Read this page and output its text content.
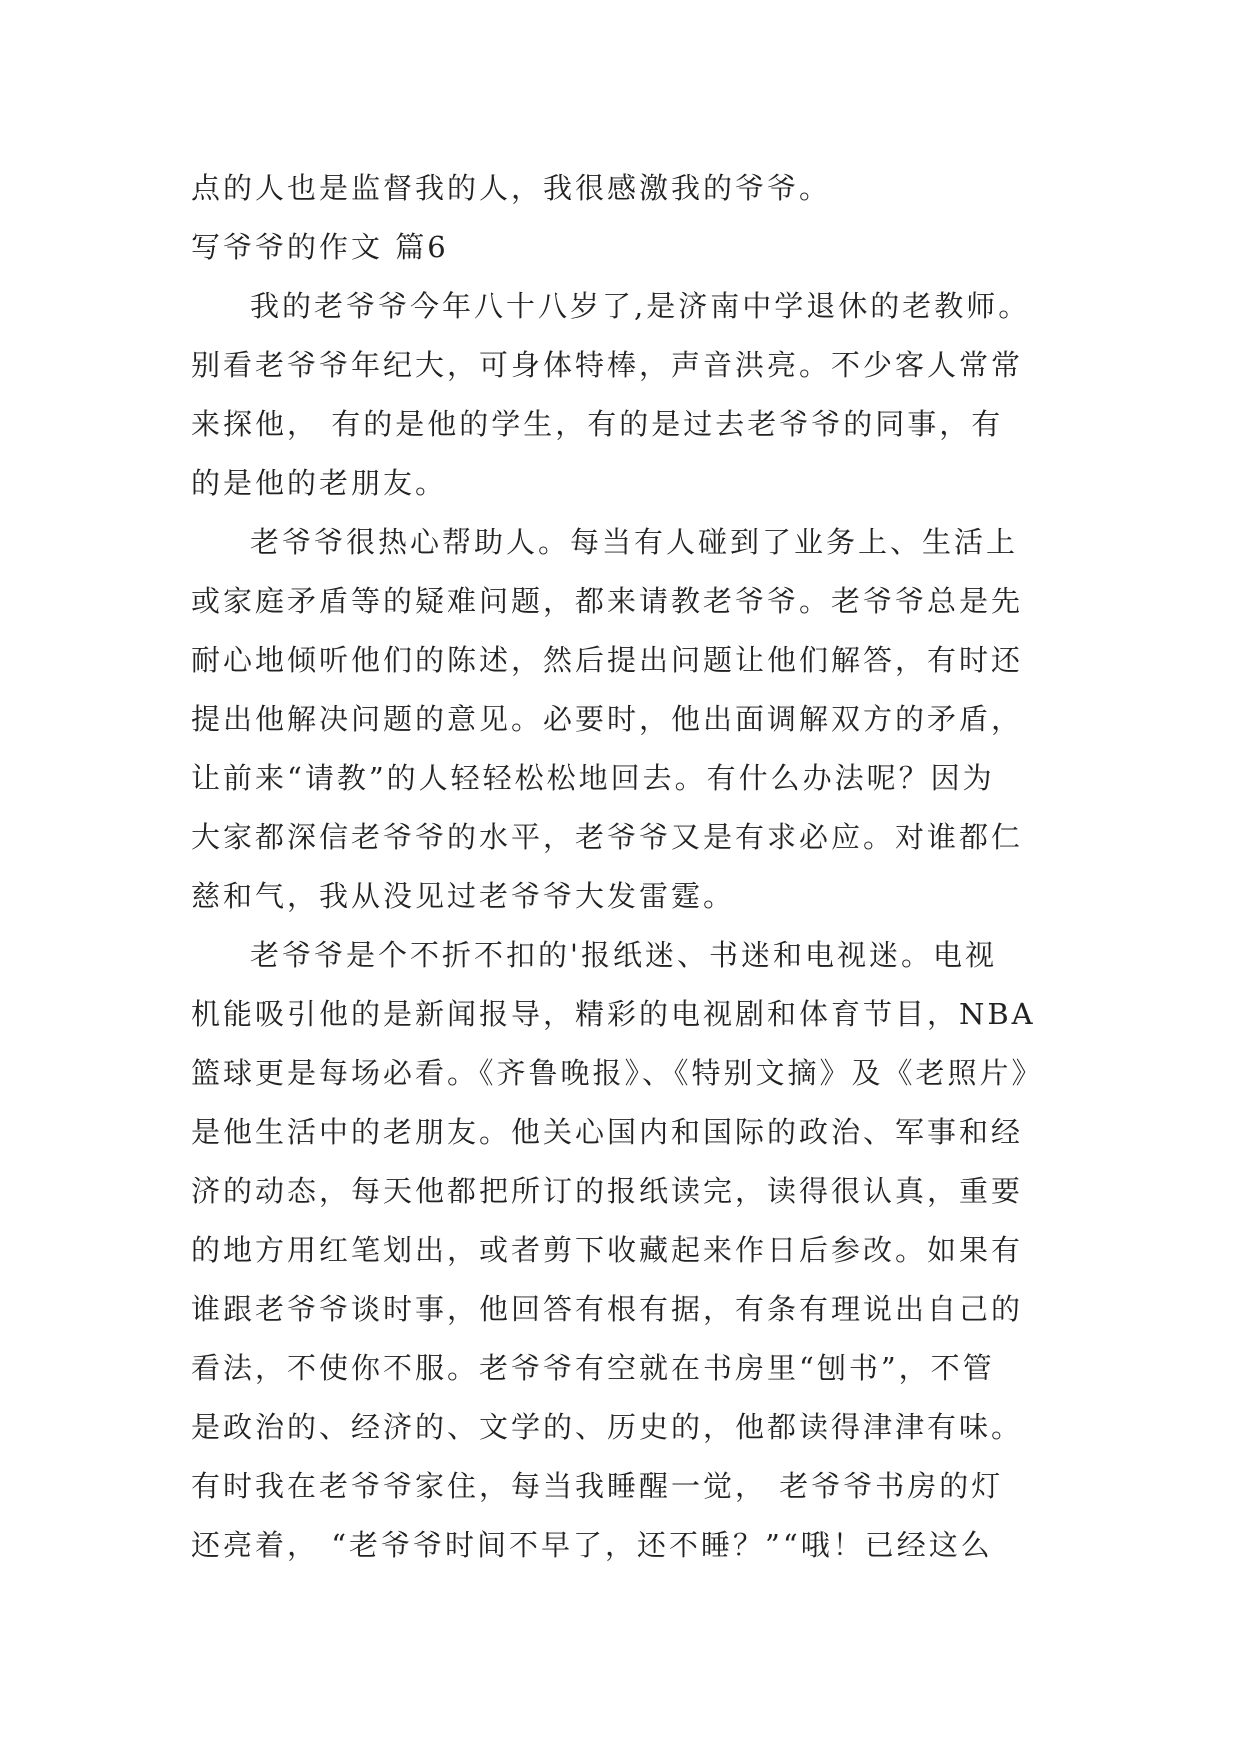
点的人也是监督我的人，我很感激我的爷爷。

写爷爷的作文 篇6

我的老爷爷今年八十八岁了,是济南中学退休的老教师。

别看老爷爷年纪大，可身体特棒，声音洪亮。不少客人常常

来探他， 有的是他的学生，有的是过去老爷爷的同事，有

的是他的老朋友。

老爷爷很热心帮助人。每当有人碰到了业务上、生活上

或家庭矛盾等的疑难问题，都来请教老爷爷。老爷爷总是先

耐心地倾听他们的陈述，然后提出问题让他们解答，有时还

提出他解决问题的意见。必要时，他出面调解双方的矛盾，

让前来“请教”的人轻轻松松地回去。有什么办法呢？因为

大家都深信老爷爷的水平，老爷爷又是有求必应。对谁都仁

慈和气，我从没见过老爷爷大发雷霆。

老爷爷是个不折不扣的'报纸迷、书迷和电视迷。电视

机能吸引他的是新闻报导，精彩的电视剧和体育节目，NBA

篮球更是每场必看。《齐鲁晚报》、《特别文摘》及《老照片》

是他生活中的老朋友。他关心国内和国际的政治、军事和经

济的动态，每天他都把所订的报纸读完，读得很认真，重要

的地方用红笔划出，或者剪下收藏起来作日后参改。如果有

谁跟老爷爷谈时事，他回答有根有据，有条有理说出自己的

看法，不使你不服。老爷爷有空就在书房里“刨书”，不管

是政治的、经济的、文学的、历史的，他都读得津津有味。

有时我在老爷爷家住，每当我睡醒一觉， 老爷爷书房的灯

还亮着， “老爷爷时间不早了，还不睡？”“哦！已经这么
